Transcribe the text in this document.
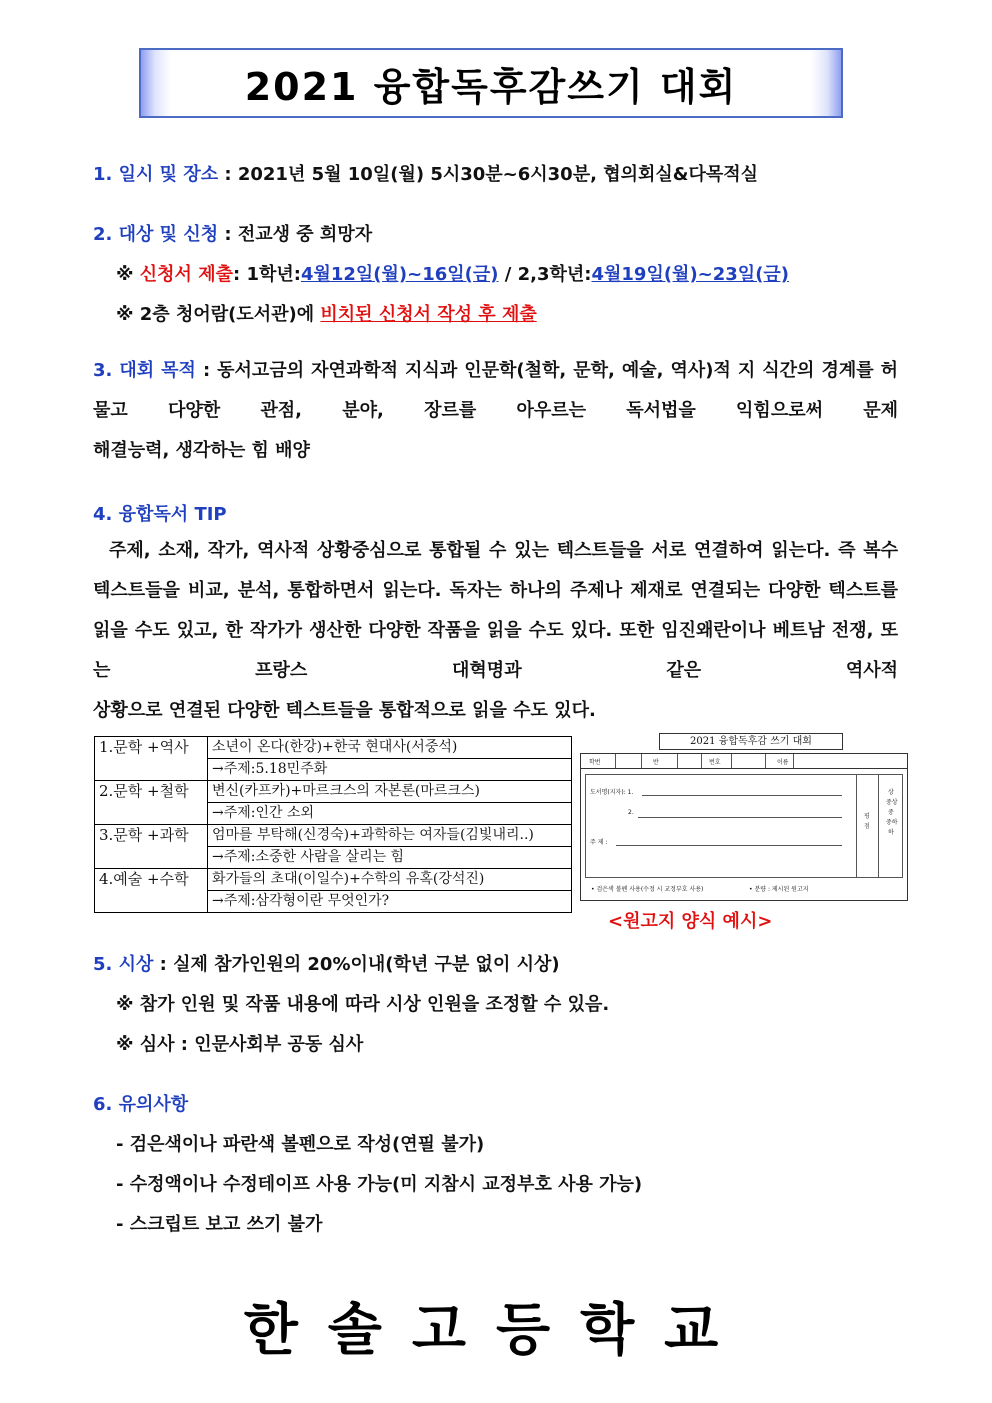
2021 융합독후감쓰기 대회
1. 일시 및 장소 : 2021년 5월 10일(월) 5시30분~6시30분, 협의회실&다목적실
2. 대상 및 신청 : 전교생 중 희망자
※ 신청서 제출: 1학년:4월12일(월)~16일(금) / 2,3학년:4월19일(월)~23일(금)
※ 2층 청어람(도서관)에 비치된 신청서 작성 후 제출
3. 대회 목적 : 동서고금의 자연과학적 지식과 인문학(철학, 문학, 예술, 역사)적 지 식간의 경계를 허물고 다양한 관점, 분야, 장르를 아우르는 독서법을 익힘으로써 문제
해결능력, 생각하는 힘 배양
4. 융합독서 TIP
주제, 소재, 작가, 역사적 상황중심으로 통합될 수 있는 텍스트들을 서로 연결하여 읽는다. 즉 복수 텍스트들을 비교, 분석, 통합하면서 읽는다. 독자는 하나의 주제나 제재로 연결되는 다양한 텍스트를 읽을 수도 있고, 한 작가가 생산한 다양한 작품을 읽을 수도 있다. 또한 임진왜란이나 베트남 전쟁, 또는 프랑스 대혁명과 같은 역사적
상황으로 연결된 다양한 텍스트들을 통합적으로 읽을 수도 있다.
1.문학 +역사	소년이 온다(한강)+한국 현대사(서중석)
	→주제:5.18민주화
2.문학 +철학	변신(카프카)+마르크스의 자본론(마르크스)
	→주제:인간 소외
3.문학 +과학	엄마를 부탁해(신경숙)+과학하는 여자들(김빛내리..)
	→주제:소중한 사람을 살리는 힘
4.예술 +수학	화가들의 초대(이일수)+수학의 유혹(강석진)
	→주제:삼각형이란 무엇인가?
2021 융합독후감 쓰기 대회
학번	반	번호	이름
도서명(지자): 1.
2.
주 제 :
평
점
상
중상
중
중하
하
• 검은색 볼펜 사용(수정 시 교정부호 사용)	• 분량 : 제시된 원고지
<원고지 양식 예시>
5. 시상 : 실제 참가인원의 20%이내(학년 구분 없이 시상)
※ 참가 인원 및 작품 내용에 따라 시상 인원을 조정할 수 있음.
※ 심사 : 인문사회부 공동 심사
6. 유의사항
- 검은색이나 파란색 볼펜으로 작성(연필 불가)
- 수정액이나 수정테이프 사용 가능(미 지참시 교정부호 사용 가능)
- 스크립트 보고 쓰기 불가
한솔고등학교
